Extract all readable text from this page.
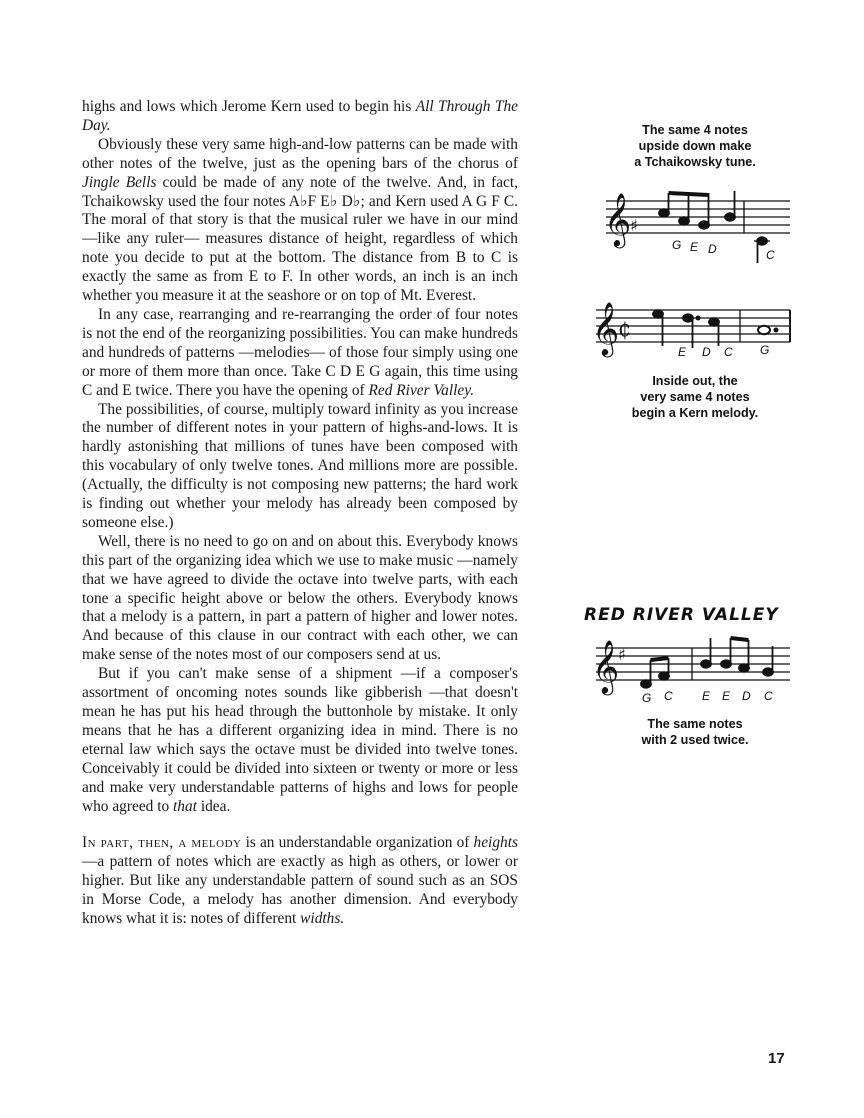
highs and lows which Jerome Kern used to begin his All Through The Day.

Obviously these very same high-and-low patterns can be made with other notes of the twelve, just as the opening bars of the chorus of Jingle Bells could be made of any note of the twelve. And, in fact, Tchaikowsky used the four notes A♭F E♭ D♭; and Kern used A G F C. The moral of that story is that the musical ruler we have in our mind —like any ruler— measures distance of height, regardless of which note you decide to put at the bottom. The distance from B to C is exactly the same as from E to F. In other words, an inch is an inch whether you measure it at the seashore or on top of Mt. Everest.

In any case, rearranging and re-rearranging the order of four notes is not the end of the reorganizing possibilities. You can make hundreds and hundreds of patterns —melodies— of those four simply using one or more of them more than once. Take C D E G again, this time using C and E twice. There you have the opening of Red River Valley.

The possibilities, of course, multiply toward infinity as you increase the number of different notes in your pattern of highs-and-lows. It is hardly astonishing that millions of tunes have been composed with this vocabulary of only twelve tones. And millions more are possible. (Actually, the difficulty is not composing new patterns; the hard work is finding out whether your melody has already been composed by someone else.)

Well, there is no need to go on and on about this. Everybody knows this part of the organizing idea which we use to make music —namely that we have agreed to divide the octave into twelve parts, with each tone a specific height above or below the others. Everybody knows that a melody is a pattern, in part a pattern of higher and lower notes. And because of this clause in our contract with each other, we can make sense of the notes most of our composers send at us.

But if you can't make sense of a shipment —if a composer's assortment of oncoming notes sounds like gibberish —that doesn't mean he has put his head through the buttonhole by mistake. It only means that he has a different organizing idea in mind. There is no eternal law which says the octave must be divided into twelve tones. Conceivably it could be divided into sixteen or twenty or more or less and make very understandable patterns of highs and lows for people who agreed to that idea.

In part, then, a melody is an understandable organization of heights —a pattern of notes which are exactly as high as others, or lower or higher. But like any understandable pattern of sound such as an SOS in Morse Code, a melody has another dimension. And everybody knows what it is: notes of different widths.

The same 4 notes
upside down make
a Tchaikowsky tune.
𝄞
♯
G E D	C
𝄞
₵
E D C G
Inside out, the
very same 4 notes
begin a Kern melody.
RED RIVER VALLEY
𝄞
♯
G C E E D C
The same notes
with 2 used twice.
17
